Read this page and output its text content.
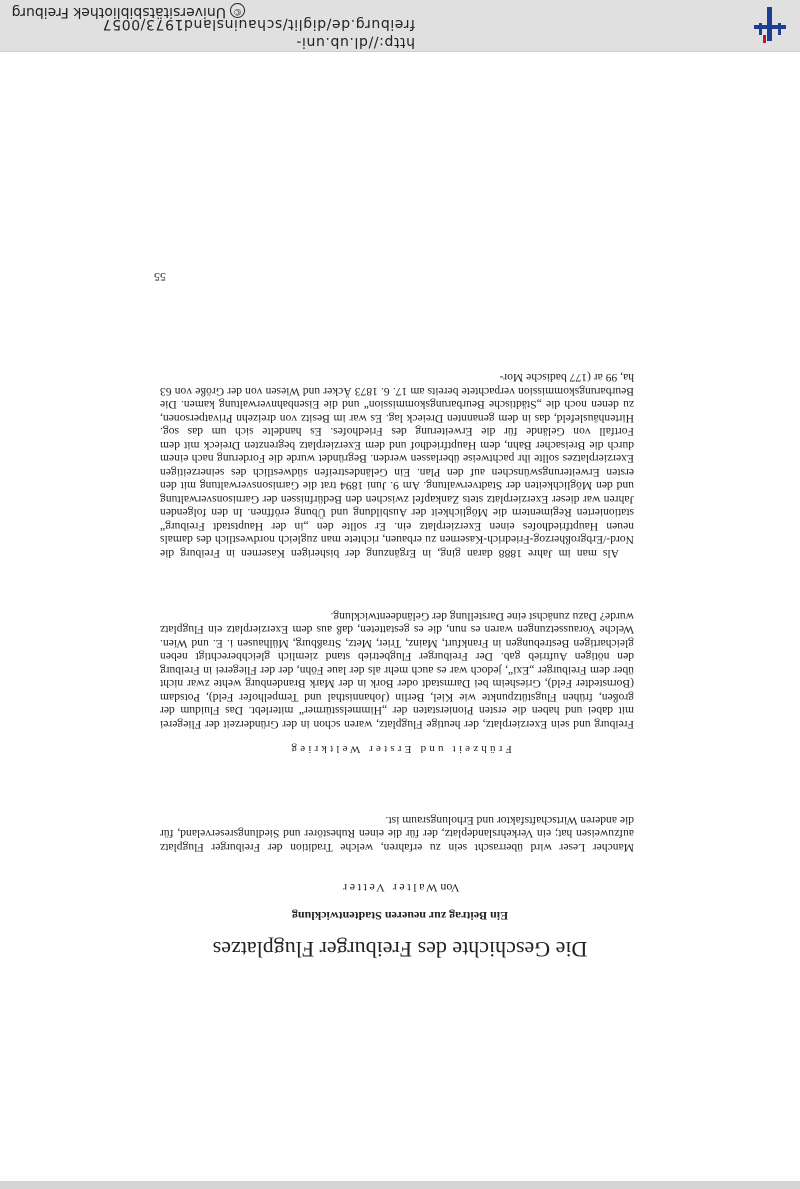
http://dl.ub.uni-freiburg.de/diglit/schauinsland1973/0057
©Universitätsbibliothek Freiburg
Die Geschichte des Freiburger Flugplatzes
Ein Beitrag zur neueren Stadtentwicklung
Von Walter Vetter

Mancher Leser wird überrascht sein zu erfahren, welche Tradition der Freiburger Flugplatz aufzuweisen hat; ein Verkehrslandeplatz, der für die einen Ruhestörer und Siedlungsreserveland, für die anderen Wirtschaftsfaktor und Erholungsraum ist.

Frühzeit und Erster Weltkrieg

Freiburg und sein Exerzierplatz, der heutige Flugplatz, waren schon in der Gründerzeit der Fliegerei mit dabei und haben die ersten Pionierstaten der „Himmelsstürmer“ miterlebt. Das Fluidum der großen, frühen Flugstützpunkte wie Kiel, Berlin (Johannisthal und Tempelhofer Feld), Potsdam (Bornstedter Feld), Griesheim bei Darmstadt oder Bork in der Mark Brandenburg wehte zwar nicht über dem Freiburger „Exi“, jedoch war es auch mehr als der laue Föhn, der der Fliegerei in Freiburg den nötigen Auftrieb gab. Der Freiburger Flugbetrieb stand ziemlich gleichberechtigt neben gleichartigen Bestrebungen in Frankfurt, Mainz, Trier, Metz, Straßburg, Mülhausen i. E. und Wien. Welche Voraussetzungen waren es nun, die es gestatteten, daß aus dem Exerzierplatz ein Flugplatz wurde? Dazu zunächst eine Darstellung der Geländeentwicklung.

Als man im Jahre 1888 daran ging, in Ergänzung der bisherigen Kasernen in Freiburg die Nord-/Erbgroßherzog-Friedrich-Kasernen zu erbauen, richtete man zugleich nordwestlich des damals neuen Hauptfriedhofes einen Exerzierplatz ein. Er sollte den „in der Hauptstadt Freiburg“ stationierten Regimentern die Möglichkeit der Ausbildung und Übung eröffnen. In den folgenden Jahren war dieser Exerzierplatz stets Zankapfel zwischen den Bedürfnissen der Garnisonsverwaltung und den Möglichkeiten der Stadtverwaltung. Am 9. Juni 1894 trat die Garnisonsverwaltung mit den ersten Erweiterungswünschen auf den Plan. Ein Geländestreifen südwestlich des seinerzeitigen Exerzierplatzes sollte ihr pachtweise überlassen werden. Begründet wurde die Forderung nach einem durch die Breisacher Bahn, dem Hauptfriedhof und dem Exerzierplatz begrenzten Dreieck mit dem Fortfall von Gelände für die Erweiterung des Friedhofes. Es handelte sich um das sog. Hirtenhäuslefeld, das in dem genannten Dreieck lag. Es war im Besitz von dreizehn Privatpersonen, zu denen noch die „Städtische Beurbarungskommission“ und die Eisenbahnverwaltung kamen. Die Beurbarungskommission verpachtete bereits am 17. 6. 1873 Äcker und Wiesen von der Größe von 63 ha, 99 ar (177 badische Mor-

55
